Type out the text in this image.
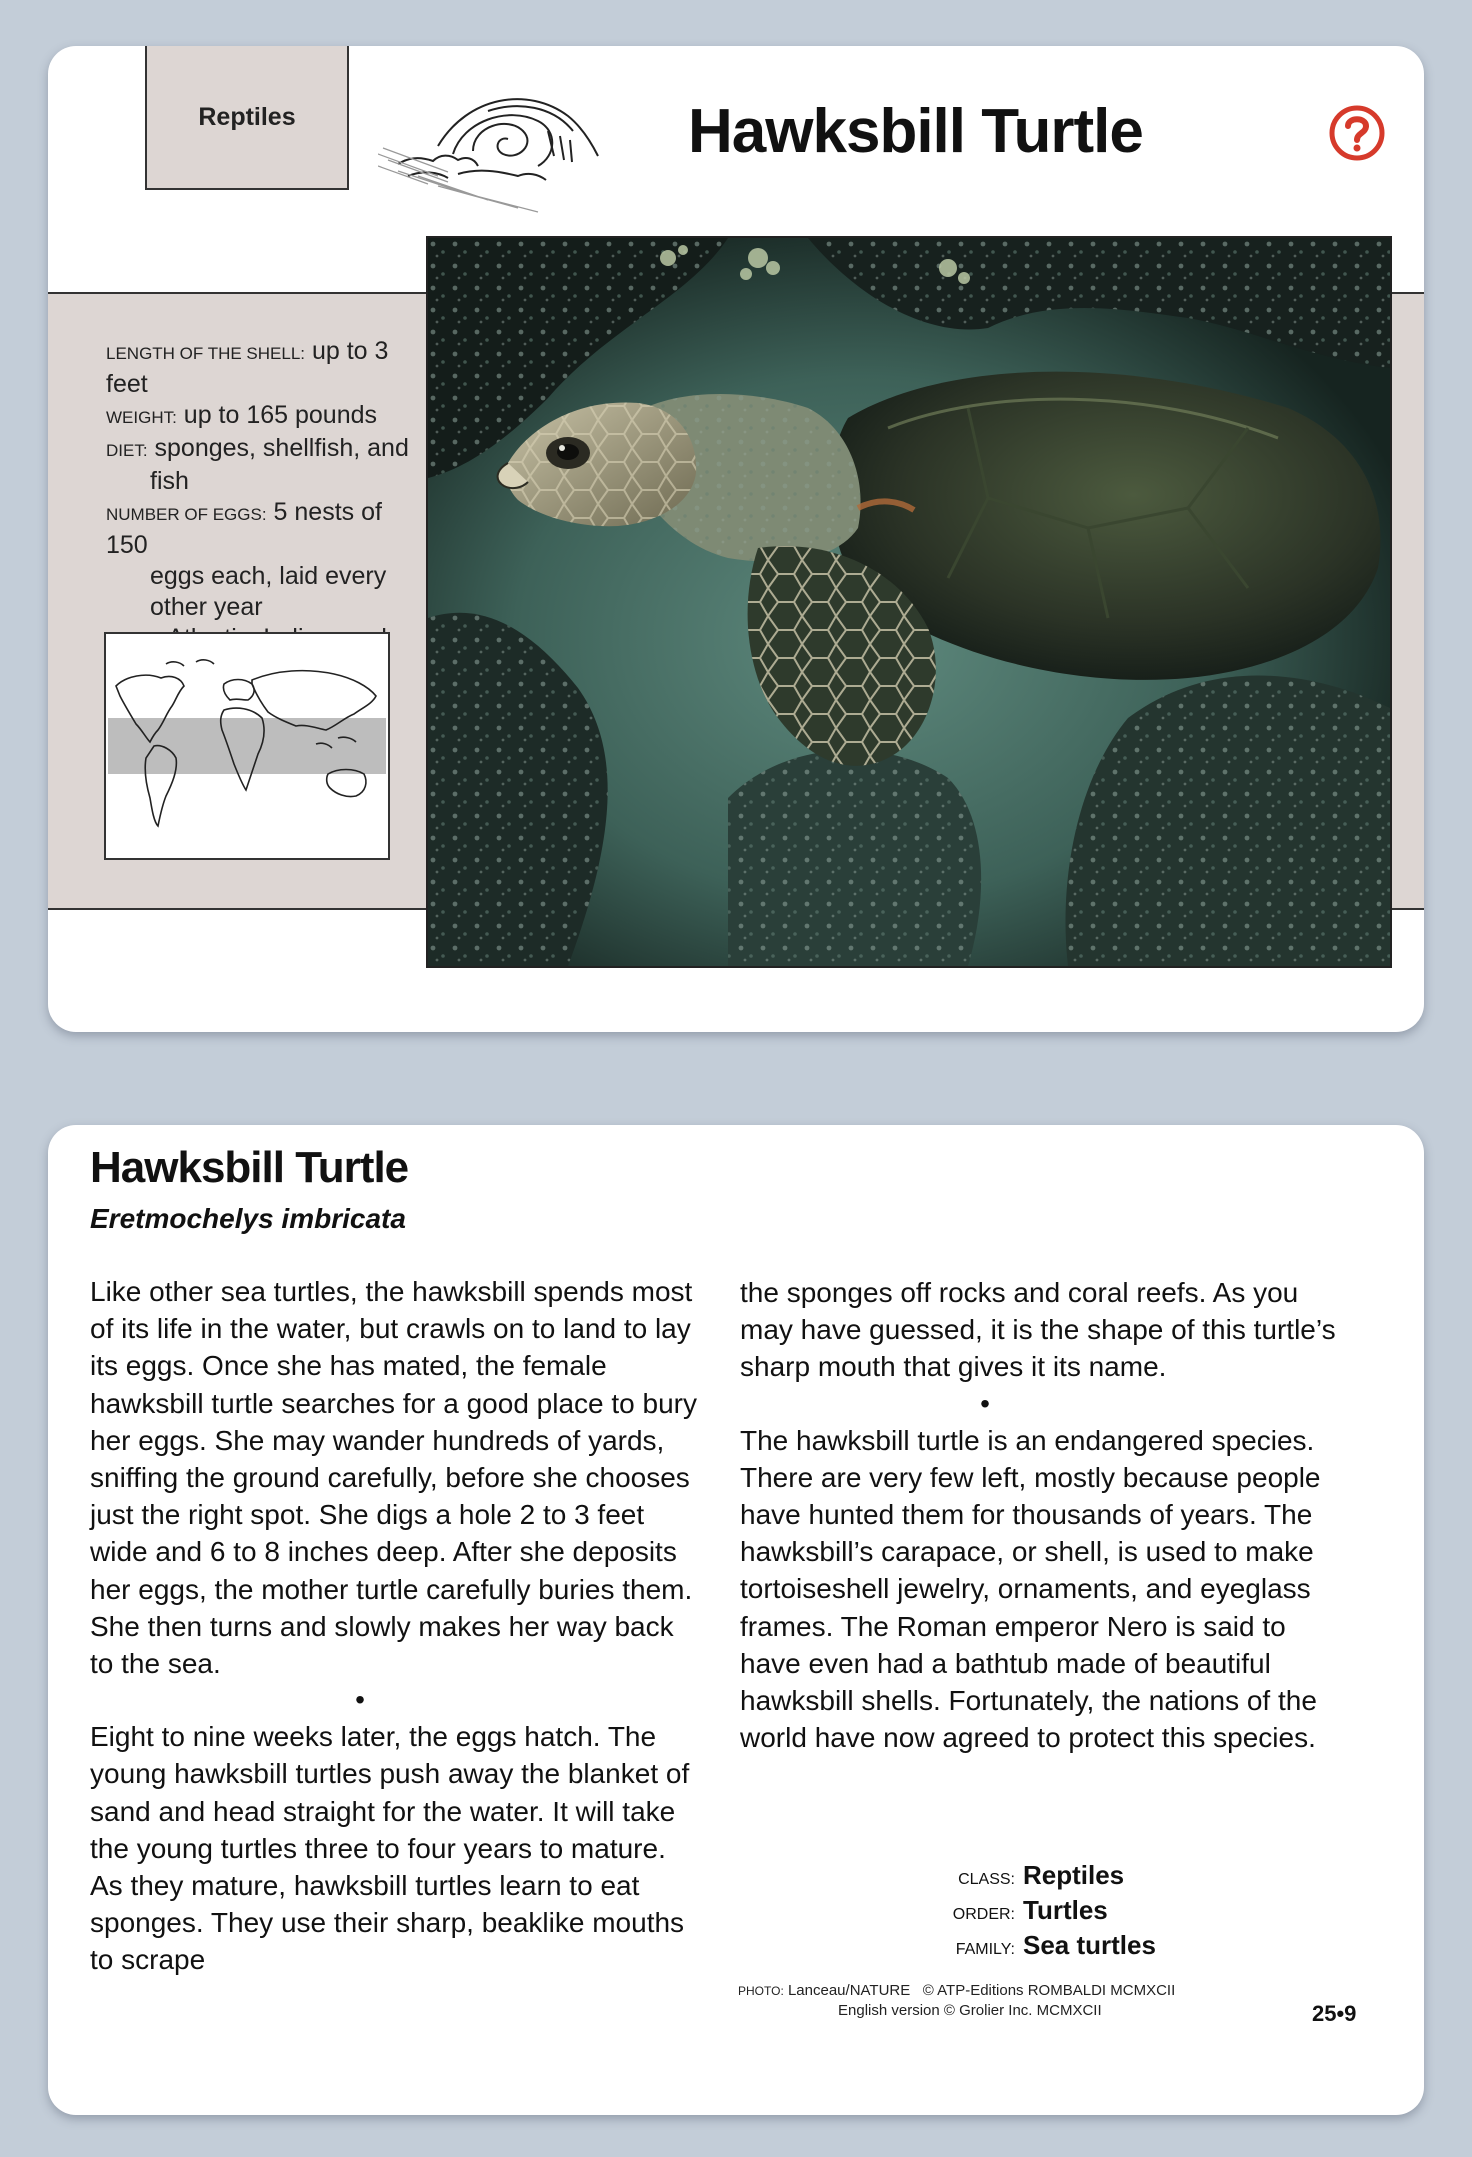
Reptiles	Hawksbill Turtle

LENGTH OF THE SHELL: up to 3 feet

WEIGHT: up to 165 pounds

DIET: sponges, shellfish, and

fish

NUMBER OF EGGS: 5 nests of 150

eggs each, laid every

other year

Hawksbill Turtle
Eretmochelys imbricata

Like other sea turtles, the hawksbill spends most of its life in the water, but crawls on to land to lay its eggs. Once she has mated, the female hawksbill turtle searches for a good place to bury her eggs. She may wander hundreds of yards, sniffing the ground carefully, before she chooses just the right spot. She digs a hole 2 to 3 feet wide and 6 to 8 inches deep. After she deposits her eggs, the mother turtle carefully buries them. She then turns and slowly makes her way back to the sea.

•

Eight to nine weeks later, the eggs hatch. The young hawksbill turtles push away the blanket of sand and head straight for the water. It will take the young turtles three to four years to mature. As they mature, hawksbill turtles learn to eat sponges. They use their sharp, beaklike mouths to scrape

the sponges off rocks and coral reefs. As you may have guessed, it is the shape of this turtle’s sharp mouth that gives it its name.

•

The hawksbill turtle is an endangered species. There are very few left, mostly because people have hunted them for thousands of years. The hawksbill’s carapace, or shell, is used to make tortoiseshell jewelry, ornaments, and eyeglass frames. The Roman emperor Nero is said to have even had a bathtub made of beautiful hawksbill shells. Fortunately, the nations of the world have now agreed to protect this species.

CLASS: Reptiles
ORDER: Turtles
FAMILY: Sea turtles
PHOTO: Lanceau/NATURE   © ATP-Editions ROMBALDI MCMXCII
English version © Grolier Inc. MCMXCII	25•9
